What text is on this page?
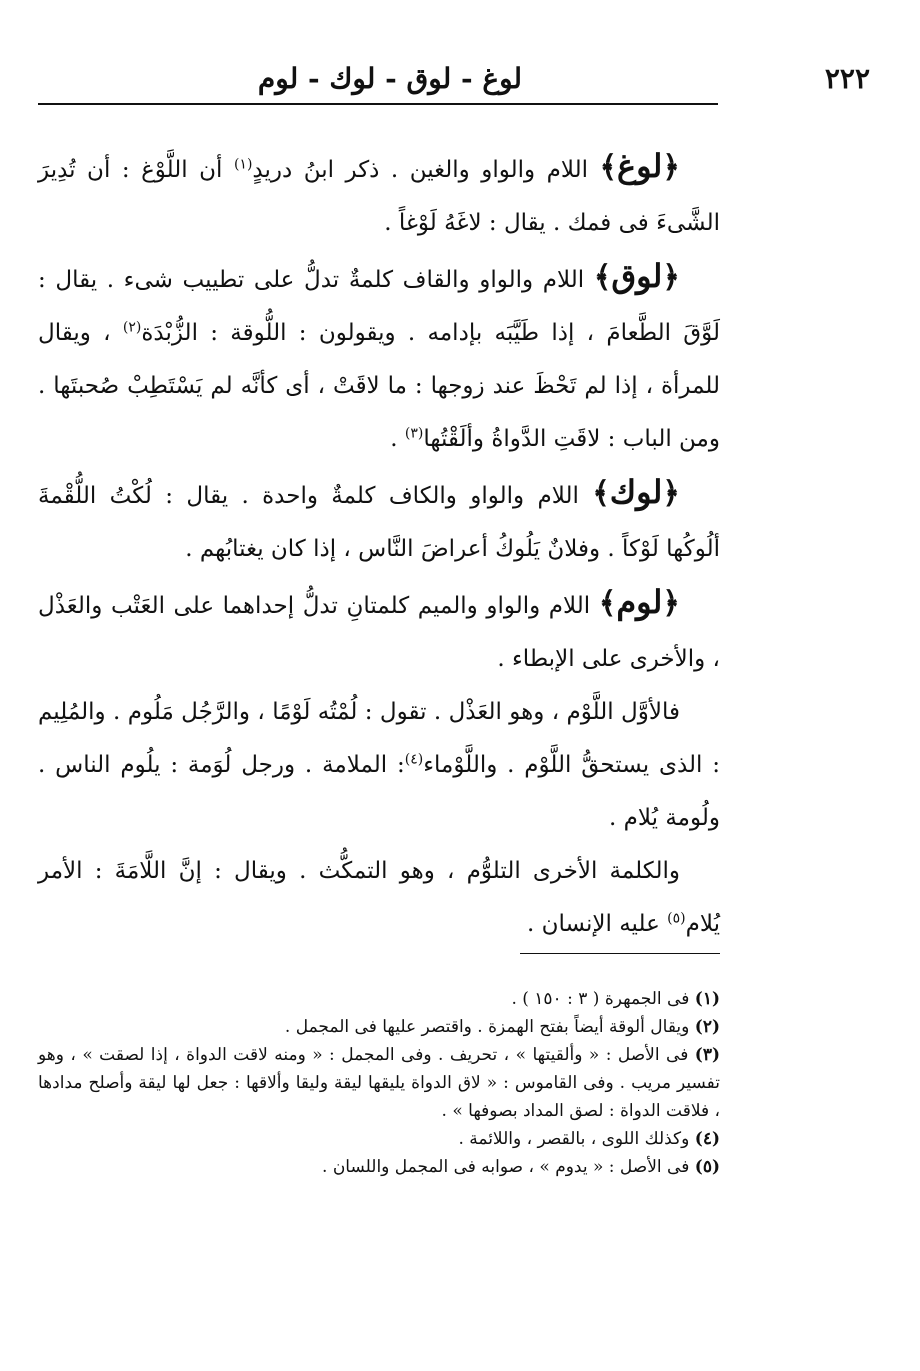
٢٢٢
لوغ - لوق - لوك - لوم

﴿لوغ﴾ اللام والواو والغين . ذكر ابنُ دريدٍ$^{(١)}$ أن اللَّوْغ : أن تُدِيرَ الشَّىءَ فى فمك . يقال : لاغَهُ لَوْغاً .

﴿لوق﴾ اللام والواو والقاف كلمةٌ تدلُّ على تطييب شىء . يقال : لَوَّقَ الطَّعامَ ، إذا طَيَّبَه بإدامه . ويقولون : اللُّوقة : الزُّبْدَة$^{(٢)}$ ، ويقال للمرأة ، إذا لم تَحْظَ عند زوجها : ما لاقَتْ ، أى كأنَّه لم يَسْتَطِبْ صُحبتَها . ومن الباب : لاقَتِ الدَّواةُ وألَقْتُها$^{(٣)}$ .

﴿لوك﴾ اللام والواو والكاف كلمةٌ واحدة . يقال : لُكْتُ اللُّقْمةَ ألُوكُها لَوْكاً . وفلانٌ يَلُوكُ أعراضَ النَّاس ، إذا كان يغتابُهم .

﴿لوم﴾ اللام والواو والميم كلمتانِ تدلُّ إحداهما على العَتْب والعَذْل ، والأخرى على الإبطاء .

فالأوَّل اللَّوْم ، وهو العَذْل . تقول : لُمْتُه لَوْمًا ، والرَّجُل مَلُوم . والمُلِيم : الذى يستحقُّ اللَّوْم . واللَّوْماء$^{(٤)}$: الملامة . ورجل لُوَمة : يلُوم الناس . ولُومة يُلام .

والكلمة الأخرى التلوُّم ، وهو التمكُّث . ويقال : إنَّ اللَّامَةَ : الأمر يُلام$^{(٥)}$ عليه الإنسان .

(١) فى الجمهرة ( ٣ : ١٥٠ ) .

(٢) ويقال ألوقة أيضاً بفتح الهمزة . واقتصر عليها فى المجمل .

(٣) فى الأصل : « وألقيتها » ، تحريف . وفى المجمل : « ومنه لاقت الدواة ، إذا لصقت » ، وهو تفسير مريب . وفى القاموس : « لاق الدواة يليقها ليقة وليقا وألاقها : جعل لها ليقة وأصلح مدادها ، فلاقت الدواة : لصق المداد بصوفها » .

(٤) وكذلك اللوى ، بالقصر ، واللائمة .

(٥) فى الأصل : « يدوم » ، صوابه فى المجمل واللسان .
